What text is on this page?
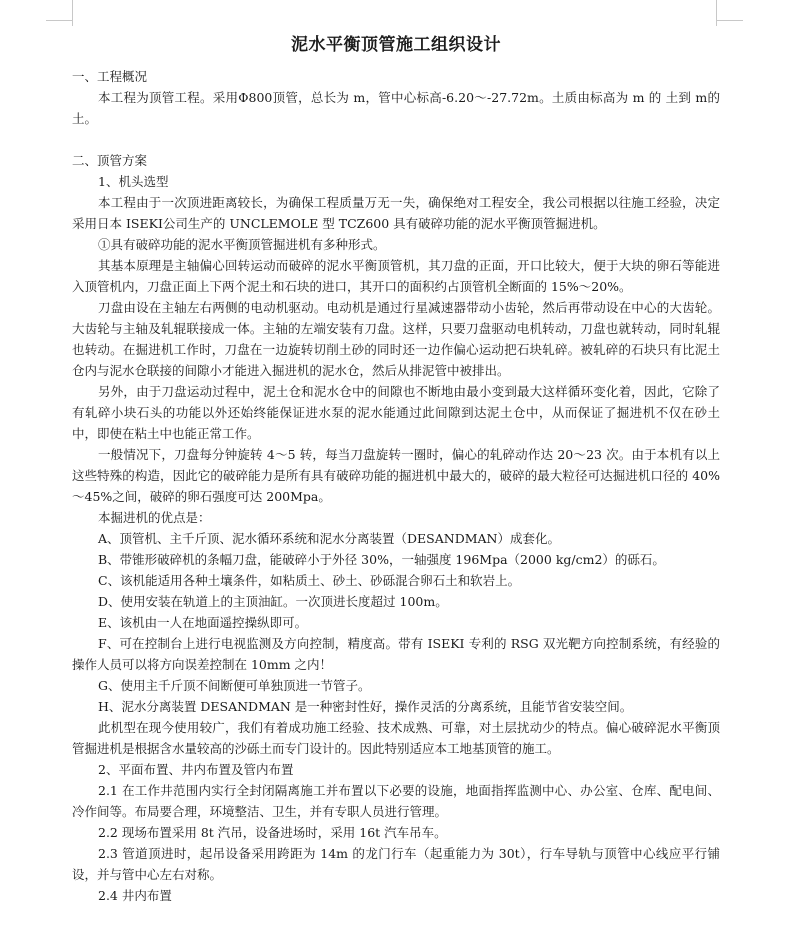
泥水平衡顶管施工组织设计

一、工程概况

本工程为顶管工程。采用Φ800顶管，总长为 m，管中心标高-6.20～-27.72m。土质由标高为 m 的 土到 m的土。

二、顶管方案

1、机头选型

本工程由于一次顶进距离较长，为确保工程质量万无一失，确保绝对工程安全，我公司根据以往施工经验，决定采用日本 ISEKI公司生产的 UNCLEMOLE 型 TCZ600 具有破碎功能的泥水平衡顶管掘进机。

①具有破碎功能的泥水平衡顶管掘进机有多种形式。

其基本原理是主轴偏心回转运动而破碎的泥水平衡顶管机，其刀盘的正面，开口比较大，便于大块的卵石等能进入顶管机内，刀盘正面上下两个泥土和石块的进口，其开口的面积约占顶管机全断面的 15%～20%。

刀盘由设在主轴左右两侧的电动机驱动。电动机是通过行星减速器带动小齿轮，然后再带动设在中心的大齿轮。大齿轮与主轴及轧辊联接成一体。主轴的左端安装有刀盘。这样，只要刀盘驱动电机转动，刀盘也就转动，同时轧辊也转动。在掘进机工作时，刀盘在一边旋转切削土砂的同时还一边作偏心运动把石块轧碎。被轧碎的石块只有比泥土仓内与泥水仓联接的间隙小才能进入掘进机的泥水仓，然后从排泥管中被排出。

另外，由于刀盘运动过程中，泥土仓和泥水仓中的间隙也不断地由最小变到最大这样循环变化着，因此，它除了有轧碎小块石头的功能以外还始终能保证进水泵的泥水能通过此间隙到达泥土仓中，从而保证了掘进机不仅在砂土中，即使在粘土中也能正常工作。

一般情况下，刀盘每分钟旋转 4～5 转，每当刀盘旋转一圈时，偏心的轧碎动作达 20～23 次。由于本机有以上这些特殊的构造，因此它的破碎能力是所有具有破碎功能的掘进机中最大的，破碎的最大粒径可达掘进机口径的 40%～45%之间，破碎的卵石强度可达 200Mpa。

本掘进机的优点是：

A、顶管机、主千斤顶、泥水循环系统和泥水分离装置（DESANDMAN）成套化。

B、带锥形破碎机的条幅刀盘，能破碎小于外径 30%，一轴强度 196Mpa（2000 kg/cm2）的砾石。

C、该机能适用各种土壤条件，如粘质土、砂土、砂砾混合卵石土和软岩上。

D、使用安装在轨道上的主顶油缸。一次顶进长度超过 100m。

E、该机由一人在地面遥控操纵即可。

F、可在控制台上进行电视监测及方向控制，精度高。带有 ISEKI 专利的 RSG 双光靶方向控制系统，有经验的操作人员可以将方向误差控制在 10mm 之内！

G、使用主千斤顶不间断便可单独顶进一节管子。

H、泥水分离装置 DESANDMAN 是一种密封性好，操作灵活的分离系统，且能节省安装空间。

此机型在现今使用较广，我们有着成功施工经验、技术成熟、可靠，对土层扰动少的特点。偏心破碎泥水平衡顶管掘进机是根据含水量较高的沙砾土而专门设计的。因此特别适应本工地基顶管的施工。

2、平面布置、井内布置及管内布置

2.1 在工作井范围内实行全封闭隔离施工并布置以下必要的设施，地面指挥监测中心、办公室、仓库、配电间、冷作间等。布局要合理，环境整洁、卫生，并有专职人员进行管理。

2.2 现场布置采用 8t 汽吊，设备进场时，采用 16t 汽车吊车。

2.3 管道顶进时，起吊设备采用跨距为 14m 的龙门行车（起重能力为 30t），行车导轨与顶管中心线应平行铺设，并与管中心左右对称。

2.4 井内布置
